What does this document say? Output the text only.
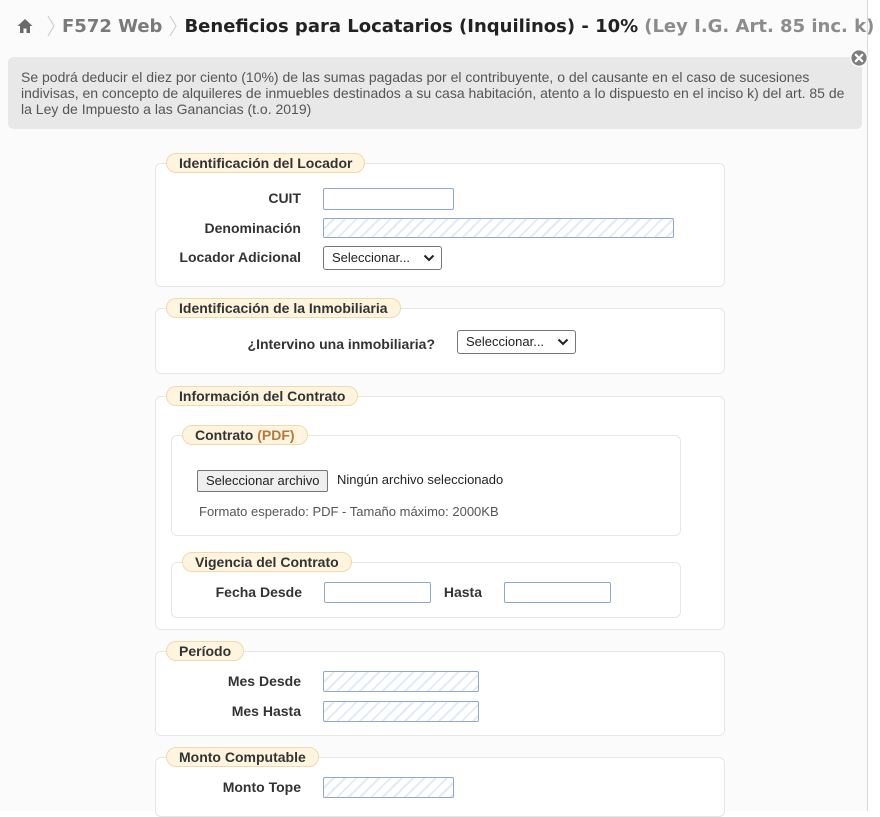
F572 Web Beneficios para Locatarios (Inquilinos) - 10% (Ley I.G. Art. 85 inc. k)
Se podrá deducir el diez por ciento (10%) de las sumas pagadas por el contribuyente, o del causante en el caso de sucesiones indivisas, en concepto de alquileres de inmuebles destinados a su casa habitación, atento a lo dispuesto en el inciso k) del art. 85 de la Ley de Impuesto a las Ganancias (t.o. 2019)
Identificación del Locador
CUIT
Denominación
Locador Adicional	Seleccionar...
Identificación de la Inmobiliaria
¿Intervino una inmobiliaria?	Seleccionar...
Información del Contrato
Contrato (PDF)
Seleccionar archivo	Ningún archivo seleccionado
Formato esperado: PDF - Tamaño máximo: 2000KB
Vigencia del Contrato
Fecha Desde	Hasta
Período
Mes Desde
Mes Hasta
Monto Computable
Monto Tope
